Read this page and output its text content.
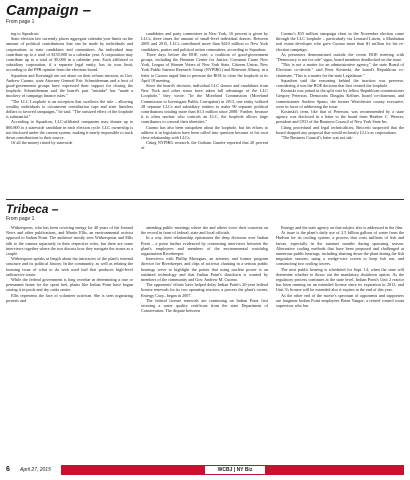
Campaign –
From page 1

ing to Squadron.

State election law currently places aggregate calendar year limits on the amount of political contributions that can be made by individuals and corporations to state candidates and committees. An individual may contribute up to a total of $150,000 in a calendar year. A corporation may contribute up to a total of $5,000 in a calendar year. Each affiliated or subsidiary corporation, if a separate legal entity, has its own limit, according to the PPR opinion from the elections board.

Squadron and Kavanagh are not alone on their reform mission, as Gov. Andrew Cuomo, state Attorney General Eric Schneiderman and a host of good-government groups have expressed their support for closing the loophole. Schneiderman said the board's past "mistake" has "made a mockery of campaign finance rules."

"The LLC Loophole is an exception that swallows the rule – allowing wealthy individuals to circumvent contribution caps and steer limitless dollars to favored campaigns," he said. "The outsized effect of the loophole is substantial."

According to Squadron, LLC-affiliated companies may donate up to $60,800 to a statewide candidate in each election cycle. LLC ownership is not disclosed under the current system, making it nearly impossible to track down contributions to their source.

Of all the money raised by statewide

candidates and party committees in New York, 16 percent is given by LLCs, three times the amount of small-level individual donors. Between 2005 and 2015, LLCs contributed more than $410 million to New York candidates, parties and political action committees, according to Squadron.

Three days before the BOE vote, a coalition of good-government groups, including the Brennan Center for Justice, Common Cause New York, League of Women Voters of New York State, Citizens Union, New York Public Interest Research Group (NYPIRG) and Reinvent Albany, in a letter to Cuomo urged him to pressure the BOE to close the loophole at its April 18 meeting.

Since the board's decision, individual LLC donors and candidates from New York and other states have taken full advantage of the LLC Loophole," they wrote. "In the Moreland Commission (Moreland Commission to Investigate Public Corruption) in 2013, one entity 'utilized 28 separate LLCs and subsidiary entities to make 90 separate political contributions totaling more than $1.3 million since 2008.' Further, because it is often unclear who controls an LLC, the loophole allows large contributors to conceal their identities."

Cuomo has also been outspoken about the loophole, but his efforts to address it in legislation have been called into question because of his own close relationship with LLCs.

Citing NYPIRG research, the Gotham Gazette reported that 20 percent of

Cuomo's $33 million campaign chest in the November election came through the LLC loophole – particularly via Leonard Litwin, a Manhattan real estate developer who gave Cuomo more than $1 million for his re-election campaign.

As presenters demonstrated outside the recent BOE meeting with "Democracy is not for sale" signs, board members deadlocked on the issue.

"This is not a matter for an administrative agency," the state Board of Elections co-decide," said Peter Kosinski, the board's Republican co-chairman. "This is a matter for the state Legislature."

Squadron said the reasoning behind the inaction was perverse, considering it was the BOE decision that first created the loophole.

Kosinski was joined in the split vote by fellow Republican commissioner Gregory Peterson. Democrats Douglas Kellner, board co-chairman, and commissioner Andrew Spano, the former Westchester county executive, were in favor of addressing the issue.

Kosinski's term, like that of Peterson, was recommended by a state agency was disclosed in a letter to the board from Heather C. Weaver, president and CEO of the Business Council of New York State Inc.

Citing procedural and legal technicalities, Briccetti suspected that the board dropped any proposal that would reclassify LLCs as corporations.

"The Business Council's letter was not tak-

Tribeca –
From page 1

Witherspoon, who has been covering energy for 40 years of the Journal News and other publications, and Martin Ellis, an environmental activist opposed to Indian Point. The audience mostly sees Witherspoon and Ellis talk to the camera separately in their respective roles, but there are some interviews together where the two discuss how they navigate the issues as a couple.

Witherspoon speaks at length about the intricacies of the plant's internal structure and its political history. In the community, as well as relating the looming issue of what to do with used fuel that produces high-level radioactive waste.

While the federal government is long overdue in determining a true or permanent home for the spent fuel, plants like Indian Point have begun storing it in pools and dry casks onsite.

Ellis represents the face of volunteer activism. She is seen organizing protests and

attending public meetings where she and others voice their concerns on the record in front of federal, state and local officials.

In a way, their relationship epitomizes the deep divisions over Indian Point – a point further evidenced by contrasting interviews between the plant's employees and members of the environmental watchdog organization Riverkeeper.

Interviews with Phillip Musegaas, an attorney and former program director for Riverkeeper, and clips of activists chanting in a serious public hearings serve to highlight the points that using nuclear power is an outdated technology and that Indian Point's shutdown is wanted by members of the community and Gov. Andrew M. Cuomo.

The opponents' efforts have helped delay Indian Point's 20-year federal license renewals for its two operating reactors, a process the plant's owner, Entergy Corp., began in 2007.

The federal license renewals are continuing on Indian Point first securing a water quality certificate from the state Department of Conservation. The dispute between

Entergy and the state agency on that subject also is addressed in the film.

At issue is the plant's daily use of 2.5 billion gallons of water from the Hudson for its cooling system, a process that costs millions of fish and larvae, especially in the summer months during spawning season. Alternative cooling methods that have been proposed and challenged at numerous public hearings, including shutting down the plant during the fish migration seasons, using a wedge-wire screen to keep fish out, and constructing two cooling towers.

The next public hearing is scheduled for Sept. 14, when the state will determine whether to throw out the mandatory shutdown option. As the regulatory process continues at the state level, Indian Point's Unit 2 reactor has been running on an extended license since its expiration in 2013, and Unit 3's license will be extended also it expires at the end of this year.

As the other end of the movie's spectrum of opponents and supporters are longtime Indian Point employees Brian Vangor, a retired control room supervisor who has

6 April 27, 2015	WCBJ | NY Biz
